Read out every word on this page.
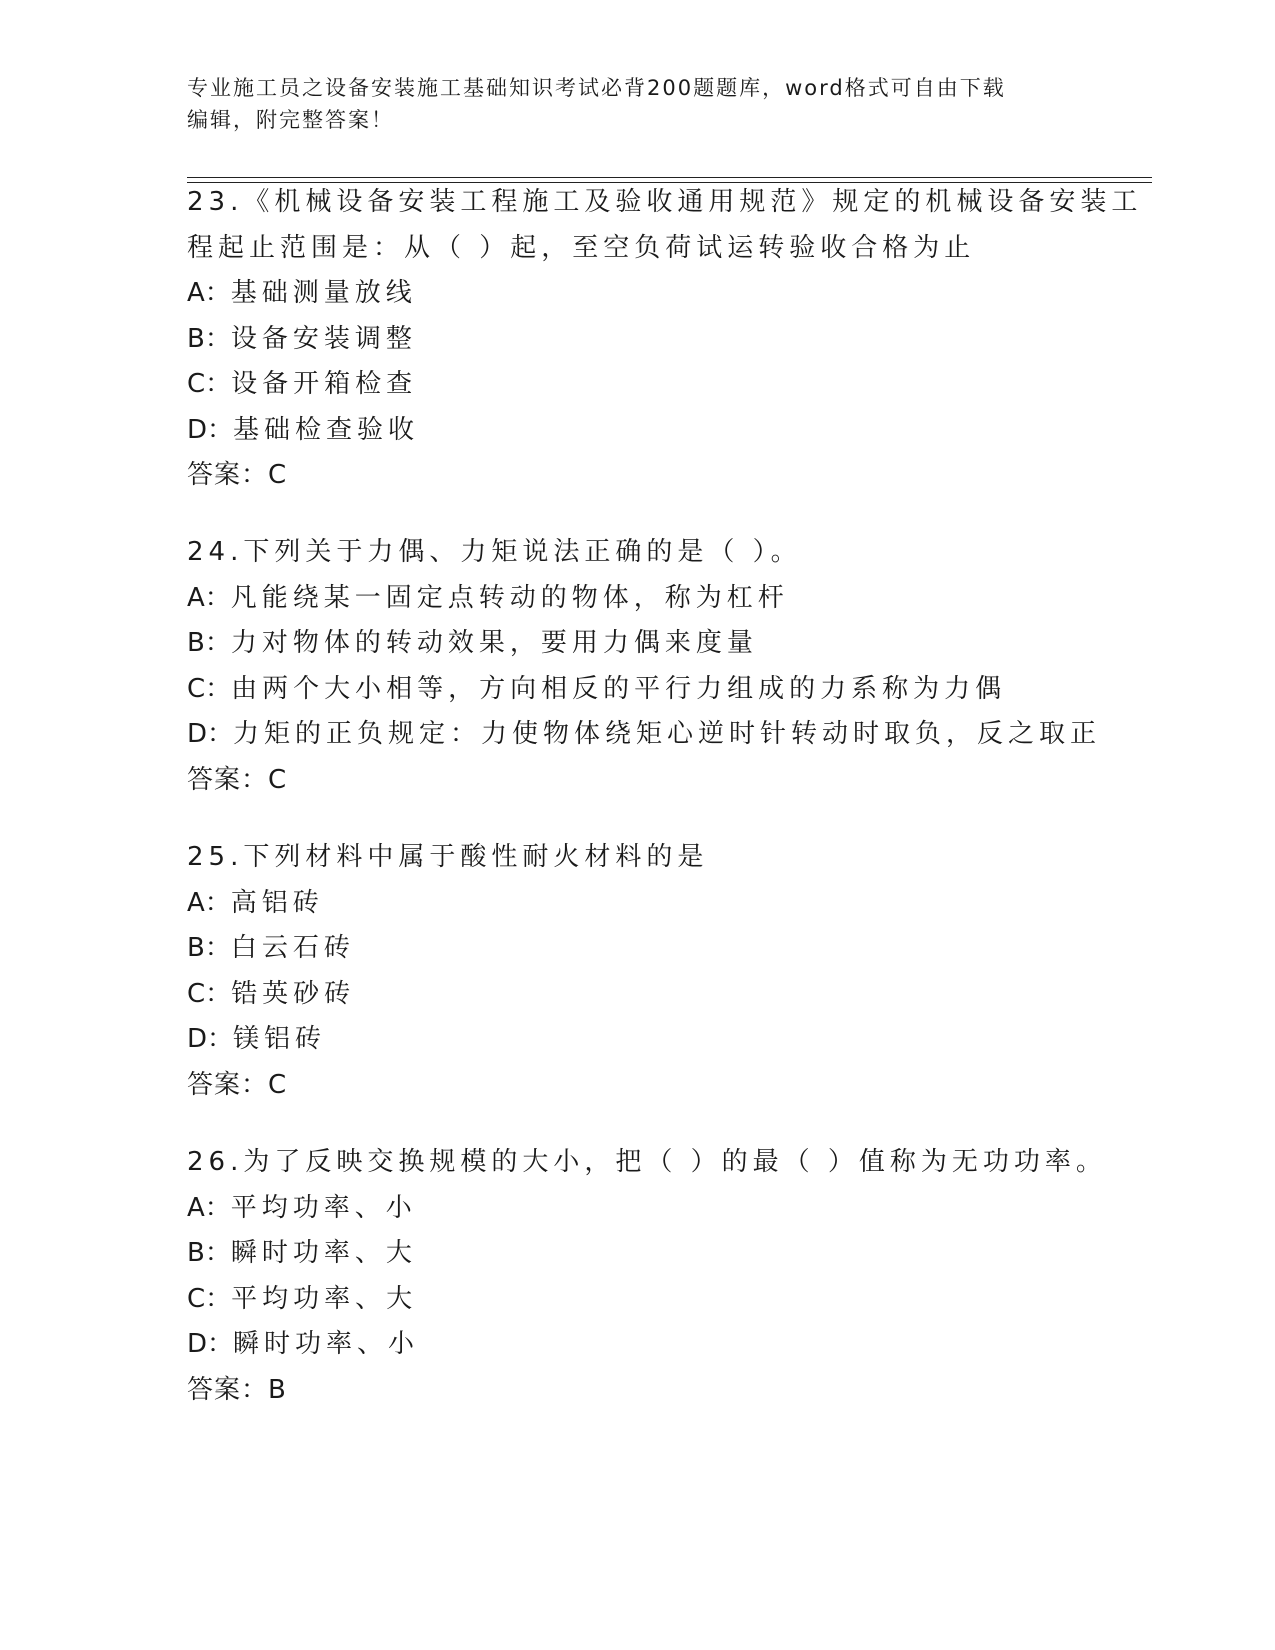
专业施工员之设备安装施工基础知识考试必背200题题库，word格式可自由下载
编辑，附完整答案！
23.《机械设备安装工程施工及验收通用规范》规定的机械设备安装工
程起止范围是：从（ ）起，至空负荷试运转验收合格为止
A：基础测量放线
B：设备安装调整
C：设备开箱检查
D：基础检查验收
答案：C
24.下列关于力偶、力矩说法正确的是（ ）。
A：凡能绕某一固定点转动的物体，称为杠杆
B：力对物体的转动效果，要用力偶来度量
C：由两个大小相等，方向相反的平行力组成的力系称为力偶
D：力矩的正负规定：力使物体绕矩心逆时针转动时取负，反之取正
答案：C
25.下列材料中属于酸性耐火材料的是
A：高铝砖
B：白云石砖
C：锆英砂砖
D：镁铝砖
答案：C
26.为了反映交换规模的大小，把（ ）的最（ ）值称为无功功率。
A：平均功率、小
B：瞬时功率、大
C：平均功率、大
D：瞬时功率、小
答案：B
